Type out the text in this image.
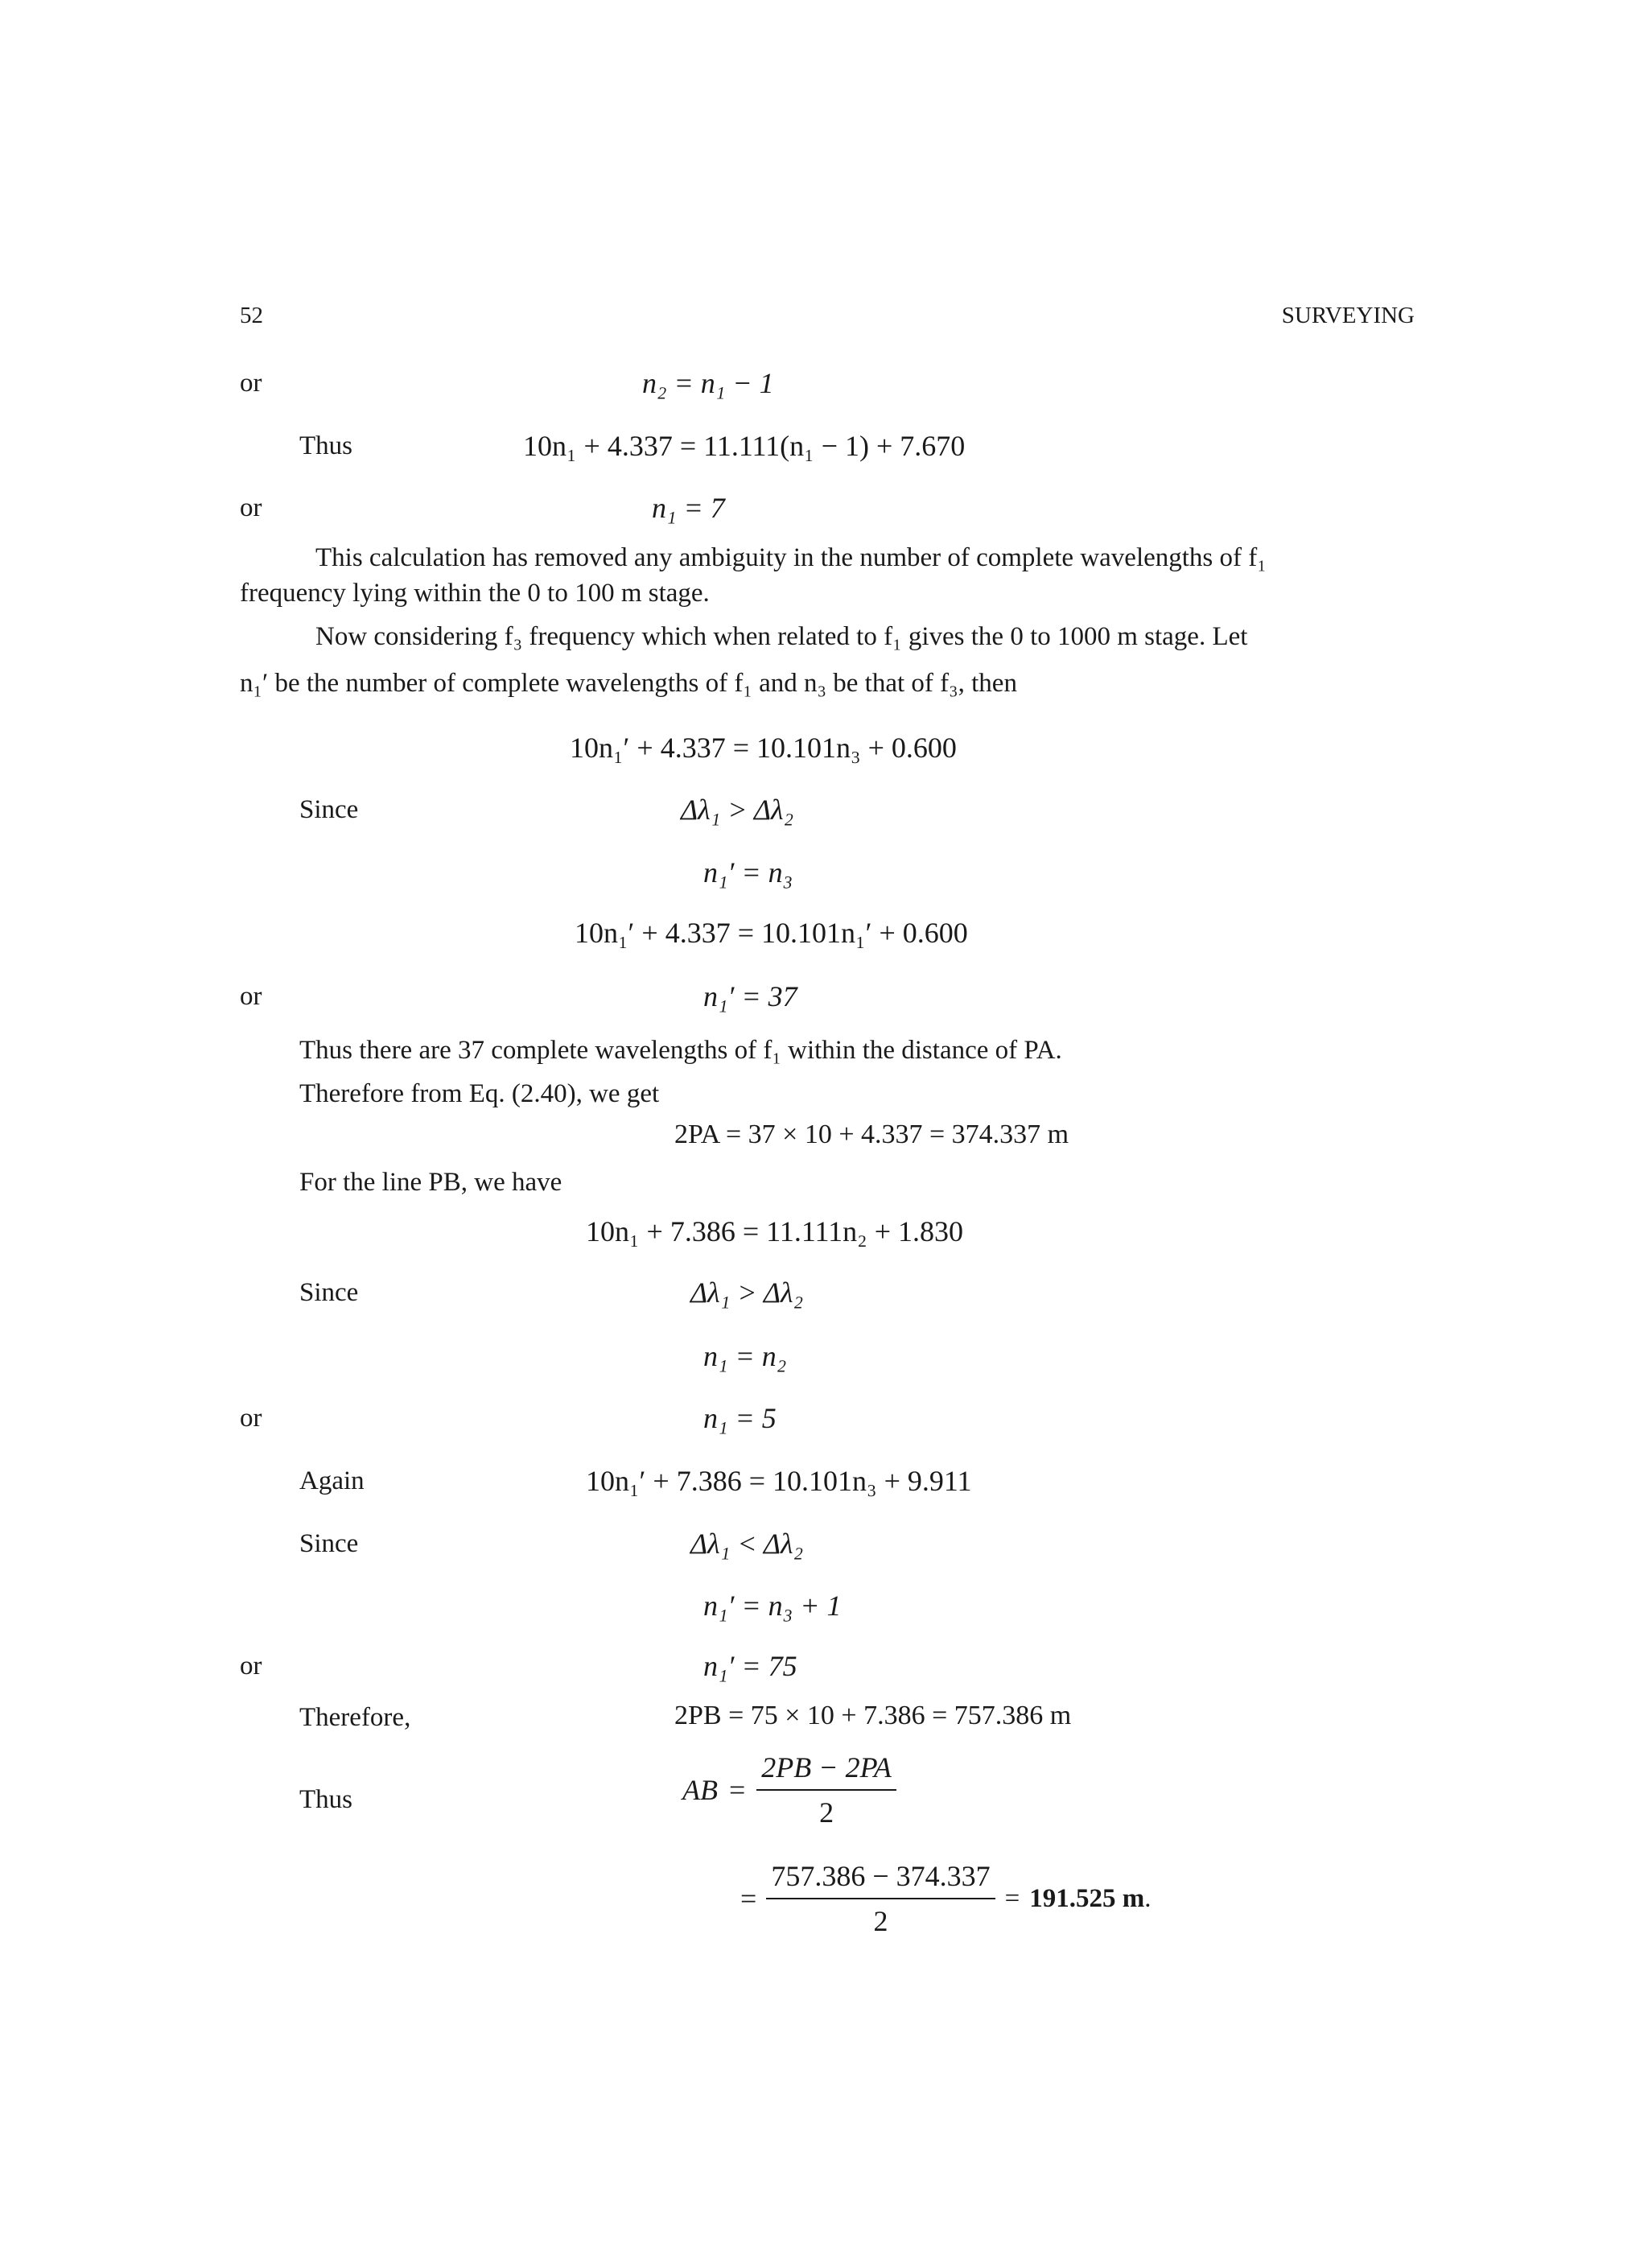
52	SURVEYING
or
Thus
or
Since
or
Since
or
Again
Since
or
Therefore,
Thus
n₂ = n₁ − 1
10n₁ + 4.337 = 11.111(n₁ − 1) + 7.670
n₁ = 7
10n₁′ + 4.337 = 10.101n₃ + 0.600
Δλ₁ > Δλ₂
n₁′ = n₃
10n₁′ + 4.337 = 10.101n₁′ + 0.600
n₁′ = 37
2PA = 37 × 10 + 4.337 = 374.337 m
10n₁ + 7.386 = 11.111n₂ + 1.830
Δλ₁ > Δλ₂
n₁ = n₂
n₁ = 5
10n₁′ + 7.386 = 10.101n₃ + 9.911
Δλ₁ < Δλ₂
n₁′ = n₃ + 1
n₁′ = 75
2PB = 75 × 10 + 7.386 = 757.386 m
AB = $\frac{2PB - 2PA}{2}$
= $\frac{757.386 - 374.337}{2} = 191.525$ m .
This calculation has removed any ambiguity in the number of complete wavelengths of f₁
frequency lying within the 0 to 100 m stage.
Now considering f₃ frequency which when related to f₁ gives the 0 to 1000 m stage. Let
n₁′ be the number of complete wavelengths of f₁ and n₃ be that of f₃, then
Thus there are 37 complete wavelengths of f₁ within the distance of PA.
Therefore from Eq. (2.40), we get
For the line PB, we have
